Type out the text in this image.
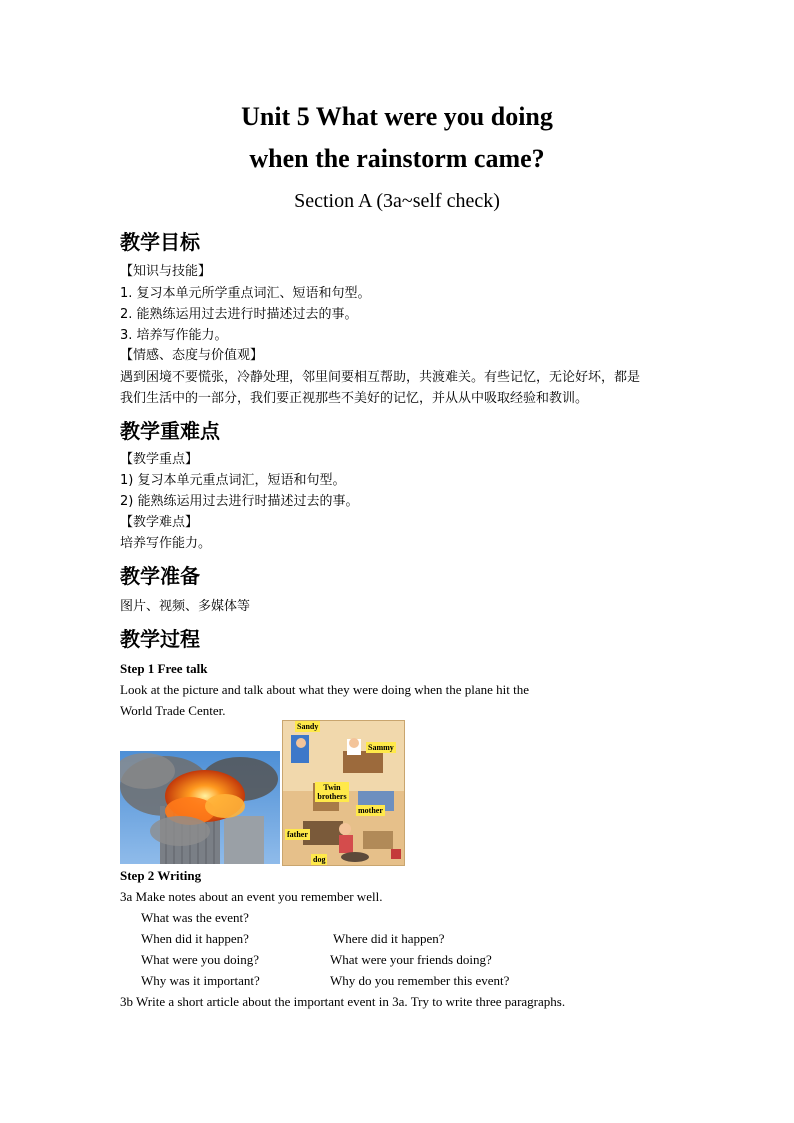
Unit 5 What were you doing
when the rainstorm came?
Section A (3a~self check)
教学目标
【知识与技能】
1. 复习本单元所学重点词汇、短语和句型。
2. 能熟练运用过去进行时描述过去的事。
3. 培养写作能力。
【情感、态度与价值观】
遇到困境不要慌张，冷静处理，邻里间要相互帮助，共渡难关。有些记忆，无论好坏，都是
我们生活中的一部分，我们要正视那些不美好的记忆，并从从中吸取经验和教训。
教学重难点
【教学重点】
1) 复习本单元重点词汇，短语和句型。
2) 能熟练运用过去进行时描述过去的事。
【教学难点】
培养写作能力。
教学准备
图片、视频、多媒体等
教学过程
Step 1 Free talk
Look at the picture and talk about what they were doing when the plane hit the
World Trade Center.
Sandy
Sammy
Twin brothers
mother
father
dog
Step 2 Writing
3a Make notes about an event you remember well.
What was the event?
When did it happen?	Where did it happen?
What were you doing?	What were your friends doing?
Why was it important?	Why do you remember this event?
3b Write a short article about the important event in 3a. Try to write three paragraphs.
